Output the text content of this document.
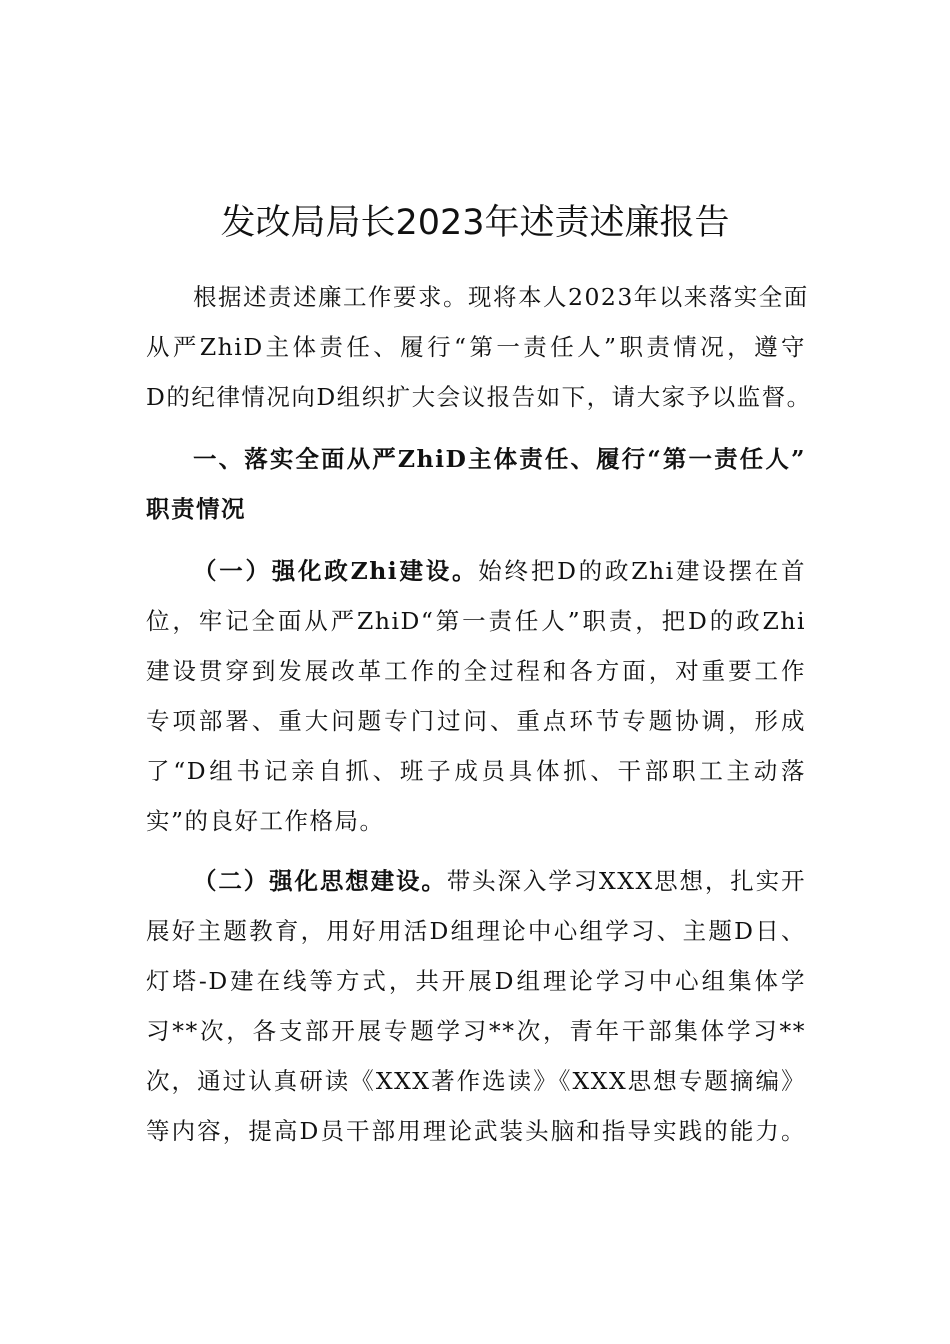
发改局局长2023年述责述廉报告
根据述责述廉工作要求。现将本人2023年以来落实全面
从严ZhiD主体责任、履行“第一责任人”职责情况，遵守
D的纪律情况向D组织扩大会议报告如下，请大家予以监督。
一、落实全面从严ZhiD主体责任、履行“第一责任人”
职责情况
（一）强化政Zhi建设。始终把D的政Zhi建设摆在首
位，牢记全面从严ZhiD“第一责任人”职责，把D的政Zhi
建设贯穿到发展改革工作的全过程和各方面，对重要工作
专项部署、重大问题专门过问、重点环节专题协调，形成
了“D组书记亲自抓、班子成员具体抓、干部职工主动落
实”的良好工作格局。
（二）强化思想建设。带头深入学习XXX思想，扎实开
展好主题教育，用好用活D组理论中心组学习、主题D日、
灯塔-D建在线等方式，共开展D组理论学习中心组集体学
习**次，各支部开展专题学习**次，青年干部集体学习**
次，通过认真研读《XXX著作选读》《XXX思想专题摘编》
等内容，提高D员干部用理论武装头脑和指导实践的能力。
